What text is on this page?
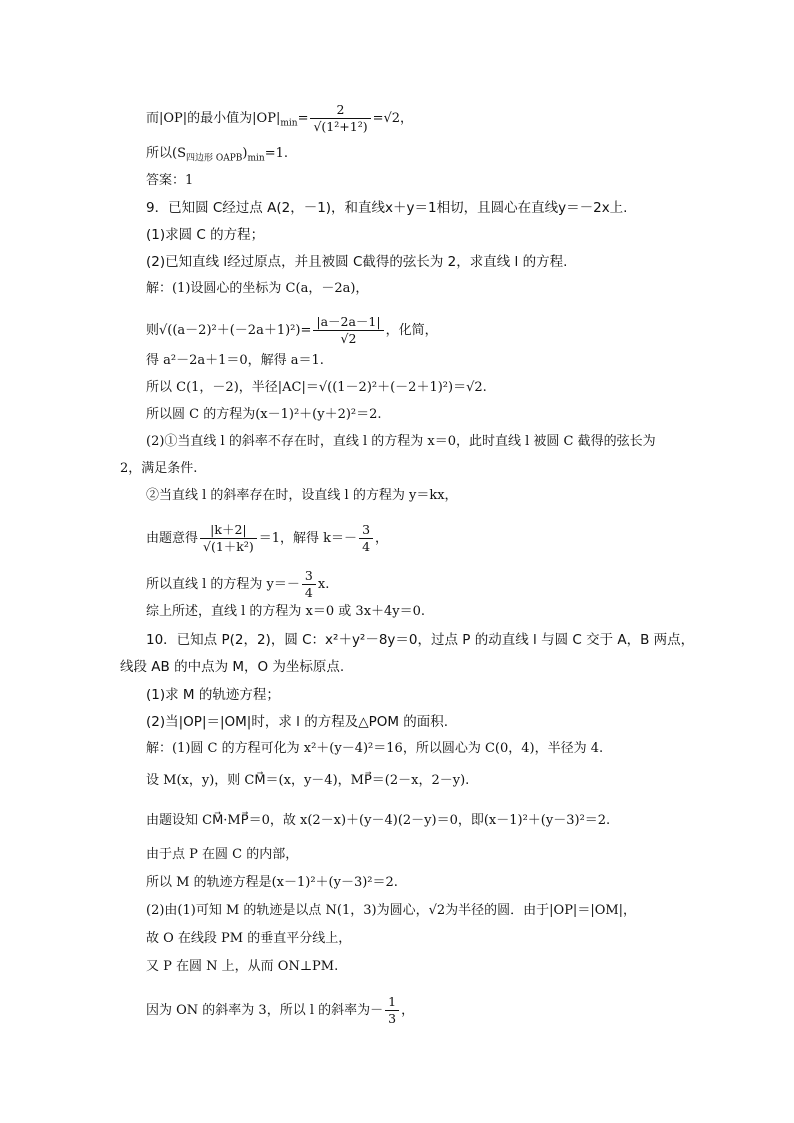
而|OP|的最小值为$|OP|_{min}= \frac{2}{\text{√(1²+1²)}} =√2$，
所以$(S_{四边形 OAPB})_{min}=1$.
答案：1
9．已知圆 C经过点 A(2，－1)，和直线x＋y＝1相切，且圆心在直线y＝－2x上.
(1)求圆 C 的方程；
(2)已知直线 l经过原点，并且被圆 C截得的弦长为 2，求直线 l 的方程.
解：(1)设圆心的坐标为 C(a，－2a)，
则$√((a-2)^2+(-2a+1)^2)= \frac{|a-2a-1|}{√2}$ ，化简，
得 a²－2a＋1＝0，解得 a＝1.
所以 C(1，－2)，半径|AC|＝√((1－2)²＋(－2＋1)²)＝√2.
所以圆 C 的方程为(x－1)²＋(y＋2)²＝2.
(2)①当直线 l 的斜率不存在时，直线 l 的方程为 x＝0，此时直线 l 被圆 C 截得的弦长为
2，满足条件.
②当直线 l 的斜率存在时，设直线 l 的方程为 y＝kx，
由题意得 $\frac{|k+2|}{\text{√(1＋k²)}} =1$，解得 $k=- \frac{3}{4}$ ，
所以直线 l 的方程为 $y=- \frac{3}{4} x$.
综上所述，直线 l 的方程为 x＝0 或 3x＋4y＝0.
10．已知点 P(2，2)，圆 C：x²＋y²－8y＝0，过点 P 的动直线 l 与圆 C 交于 A，B 两点，
线段 AB 的中点为 M，O 为坐标原点.
(1)求 M 的轨迹方程；
(2)当|OP|＝|OM|时，求 l 的方程及△POM 的面积.
解：(1)圆 C 的方程可化为 x²＋(y－4)²＝16，所以圆心为 C(0，4)，半径为 4.
设 M(x，y)，则 CM⃗＝(x，y－4)，MP⃗＝(2－x，2－y).
由题设知 CM⃗·MP⃗＝0，故 x(2－x)＋(y－4)(2－y)＝0，即(x－1)²＋(y－3)²＝2.
由于点 P 在圆 C 的内部，
所以 M 的轨迹方程是(x－1)²＋(y－3)²＝2.
(2)由(1)可知 M 的轨迹是以点 N(1，3)为圆心，√2为半径的圆．由于|OP|＝|OM|，
故 O 在线段 PM 的垂直平分线上，
又 P 在圆 N 上，从而 ON⊥PM.
因为 ON 的斜率为 3，所以 l 的斜率为－ $\frac{1}{3}$ ，
